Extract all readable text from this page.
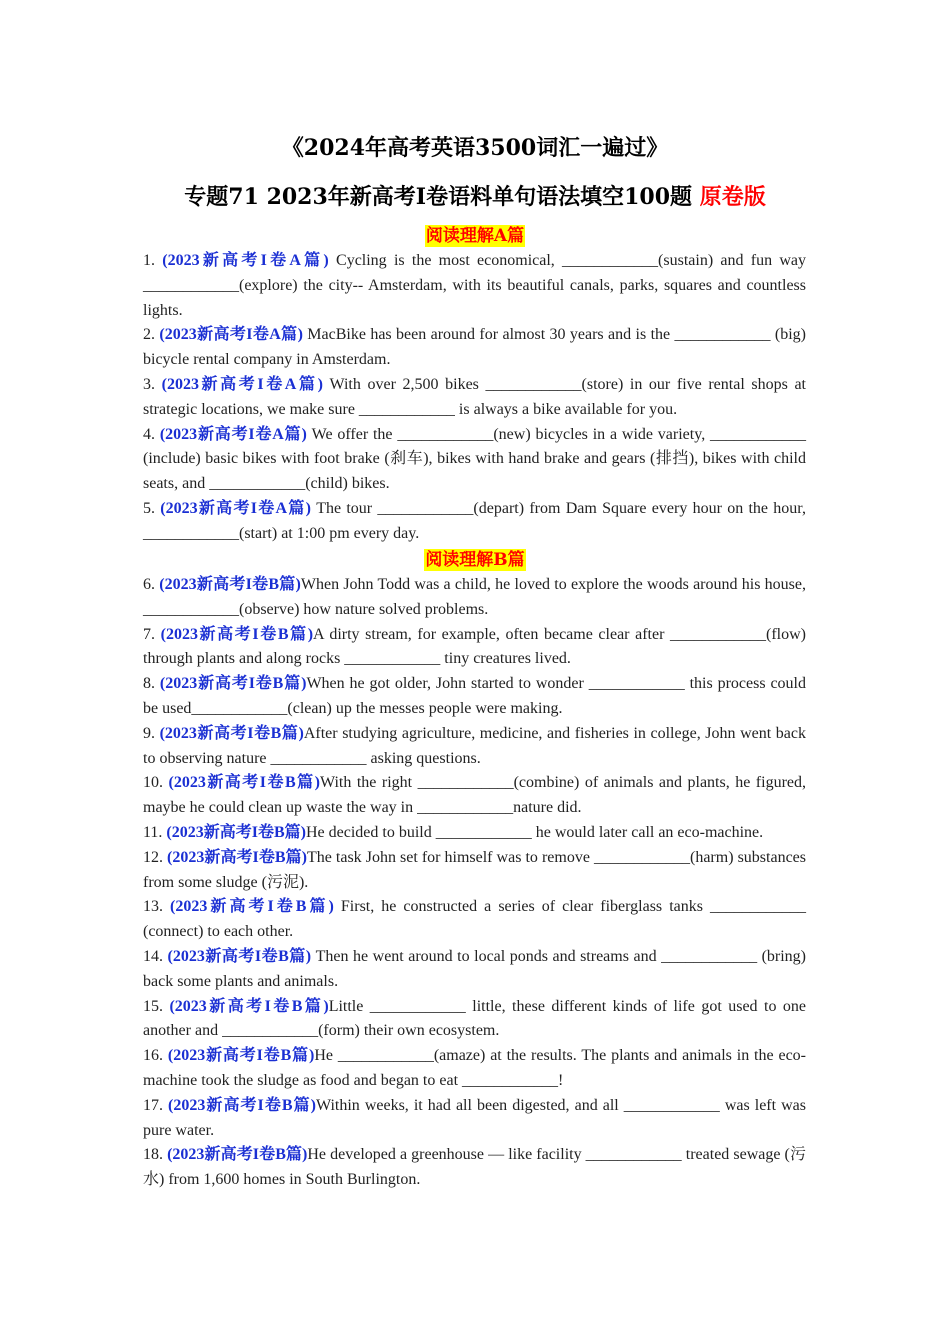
《2024年高考英语3500词汇一遍过》
专题71 2023年新高考I卷语料单句语法填空100题 原卷版
阅读理解A篇

1. (2023新高考I卷A篇) Cycling is the most economical, ____________(sustain) and fun way ____________(explore) the city-- Amsterdam, with its beautiful canals, parks, squares and countless lights.

2. (2023新高考I卷A篇) MacBike has been around for almost 30 years and is the ____________ (big) bicycle rental company in Amsterdam.

3. (2023新高考I卷A篇) With over 2,500 bikes ____________(store) in our five rental shops at strategic locations, we make sure ____________ is always a bike available for you.

4. (2023新高考I卷A篇) We offer the ____________(new) bicycles in a wide variety, ____________ (include) basic bikes with foot brake (刹车), bikes with hand brake and gears (排挡), bikes with child seats, and ____________(child) bikes.

5. (2023新高考I卷A篇) The tour ____________(depart) from Dam Square every hour on the hour, ____________(start) at 1:00 pm every day.

阅读理解B篇

6. (2023新高考I卷B篇)When John Todd was a child, he loved to explore the woods around his house, ____________(observe) how nature solved problems.

7. (2023新高考I卷B篇)A dirty stream, for example, often became clear after ____________(flow) through plants and along rocks ____________ tiny creatures lived.

8. (2023新高考I卷B篇)When he got older, John started to wonder ____________ this process could be used____________(clean) up the messes people were making.

9. (2023新高考I卷B篇)After studying agriculture, medicine, and fisheries in college, John went back to observing nature ____________ asking questions.

10. (2023新高考I卷B篇)With the right ____________(combine) of animals and plants, he figured, maybe he could clean up waste the way in ____________nature did.

11. (2023新高考I卷B篇)He decided to build ____________ he would later call an eco-machine.

12. (2023新高考I卷B篇)The task John set for himself was to remove ____________(harm) substances from some sludge (污泥).

13. (2023新高考I卷B篇) First, he constructed a series of clear fiberglass tanks ____________ (connect) to each other.

14. (2023新高考I卷B篇) Then he went around to local ponds and streams and ____________ (bring) back some plants and animals.

15. (2023新高考I卷B篇)Little ____________ little, these different kinds of life got used to one another and ____________(form) their own ecosystem.

16. (2023新高考I卷B篇)He ____________(amaze) at the results. The plants and animals in the eco-machine took the sludge as food and began to eat ____________!

17. (2023新高考I卷B篇)Within weeks, it had all been digested, and all ____________ was left was pure water.

18. (2023新高考I卷B篇)He developed a greenhouse — like facility ____________ treated sewage (污水) from 1,600 homes in South Burlington.
